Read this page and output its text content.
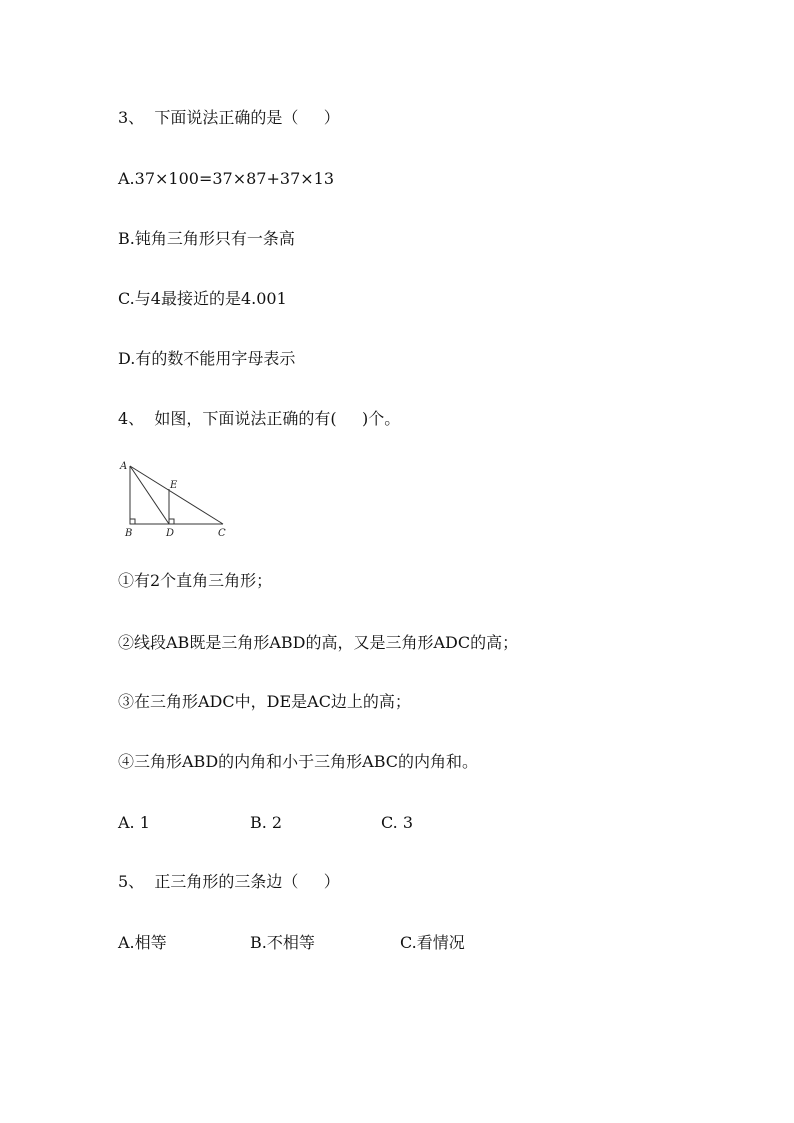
3、  下面说法正确的是（     ）
A.37×100=37×87+37×13
B.钝角三角形只有一条高
C.与4最接近的是4.001
D.有的数不能用字母表示
4、  如图，下面说法正确的有(     )个。
A
E
B	D	C
①有2个直角三角形；
②线段AB既是三角形ABD的高，又是三角形ADC的高；
③在三角形ADC中，DE是AC边上的高；
④三角形ABD的内角和小于三角形ABC的内角和。
A. 1	B. 2	C. 3
5、  正三角形的三条边（     ）
A.相等	B.不相等	C.看情况
